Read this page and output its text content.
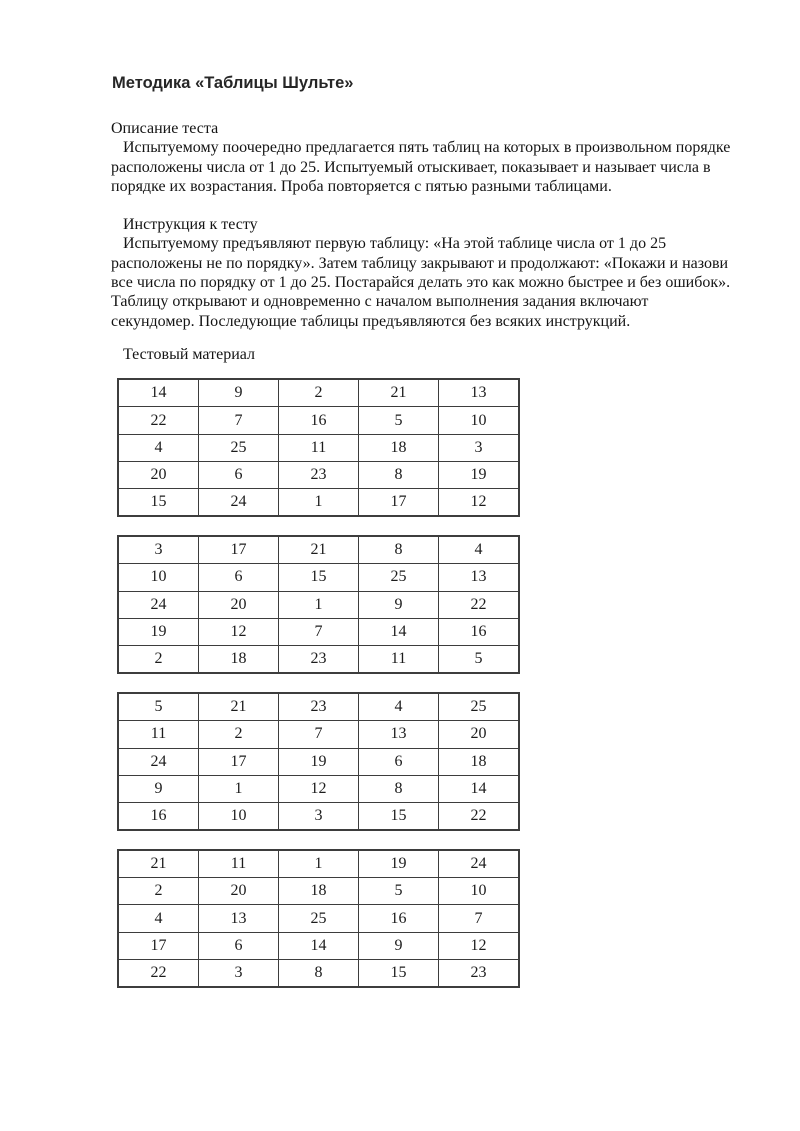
Методика «Таблицы Шульте»
Описание теста
Испытуемому поочередно предлагается пять таблиц на которых в произвольном порядке
расположены числа от 1 до 25. Испытуемый отыскивает, показывает и называет числа в
порядке их возрастания. Проба повторяется с пятью разными таблицами.
Инструкция к тесту
Испытуемому предъявляют первую таблицу: «На этой таблице числа от 1 до 25
расположены не по порядку». Затем таблицу закрывают и продолжают: «Покажи и назови
все числа по порядку от 1 до 25. Постарайся делать это как можно быстрее и без ошибок».
Таблицу открывают и одновременно с началом выполнения задания включают
секундомер. Последующие таблицы предъявляются без всяких инструкций.
Тестовый материал
14	9	2	21	13
22	7	16	5	10
4	25	11	18	3
20	6	23	8	19
15	24	1	17	12
3	17	21	8	4
10	6	15	25	13
24	20	1	9	22
19	12	7	14	16
2	18	23	11	5
5	21	23	4	25
11	2	7	13	20
24	17	19	6	18
9	1	12	8	14
16	10	3	15	22
21	11	1	19	24
2	20	18	5	10
4	13	25	16	7
17	6	14	9	12
22	3	8	15	23
